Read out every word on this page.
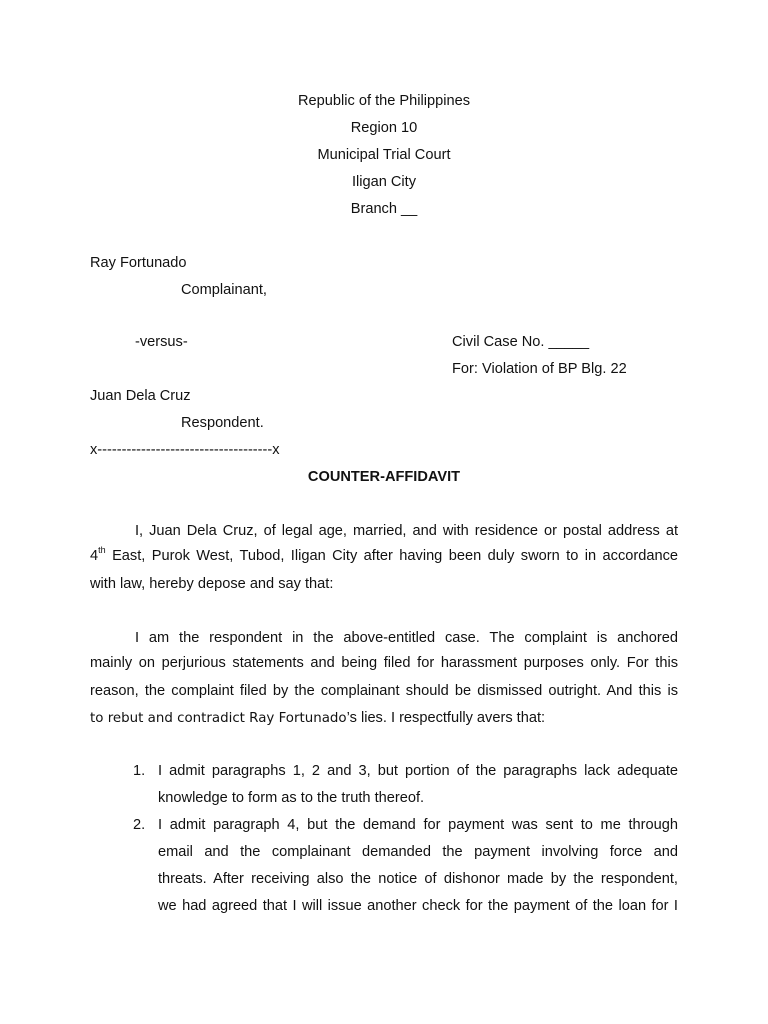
Republic of the Philippines
Region 10
Municipal Trial Court
Iligan City
Branch __
Ray Fortunado
Complainant,
-versus-	Civil Case No. _____
For: Violation of BP Blg. 22
Juan Dela Cruz
Respondent.
x------------------------------------x
COUNTER-AFFIDAVIT
I, Juan Dela Cruz, of legal age, married, and with residence or postal address at
4th East, Purok West, Tubod, Iligan City after having been duly sworn to in accordance
with law, hereby depose and say that:
I am the respondent in the above-entitled case. The complaint is anchored
mainly on perjurious statements and being filed for harassment purposes only. For this
reason, the complaint filed by the complainant should be dismissed outright. And this is
to rebut and contradict Ray Fortunado’s lies. I respectfully avers that:
1. I admit paragraphs 1, 2 and 3, but portion of the paragraphs lack adequate
knowledge to form as to the truth thereof.
2. I admit paragraph 4, but the demand for payment was sent to me through
email and the complainant demanded the payment involving force and
threats. After receiving also the notice of dishonor made by the respondent,
we had agreed that I will issue another check for the payment of the loan for I
